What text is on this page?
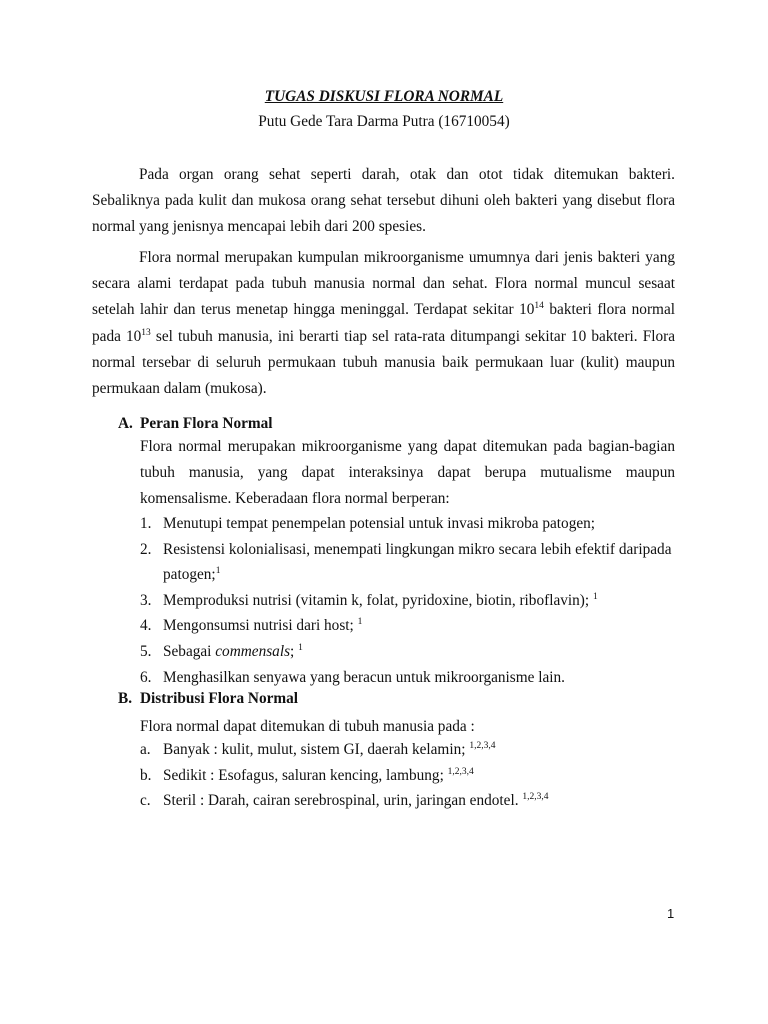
TUGAS DISKUSI FLORA NORMAL
Putu Gede Tara Darma Putra (16710054)

Pada organ orang sehat seperti darah, otak dan otot tidak ditemukan bakteri. Sebaliknya pada kulit dan mukosa orang sehat tersebut dihuni oleh bakteri yang disebut flora normal yang jenisnya mencapai lebih dari 200 spesies.

Flora normal merupakan kumpulan mikroorganisme umumnya dari jenis bakteri yang secara alami terdapat pada tubuh manusia normal dan sehat. Flora normal muncul sesaat setelah lahir dan terus menetap hingga meninggal. Terdapat sekitar $10^{14}$ bakteri flora normal pada $10^{13}$ sel tubuh manusia, ini berarti tiap sel rata-rata ditumpangi sekitar 10 bakteri. Flora normal tersebar di seluruh permukaan tubuh manusia baik permukaan luar (kulit) maupun permukaan dalam (mukosa).

A. Peran Flora Normal

Flora normal merupakan mikroorganisme yang dapat ditemukan pada bagian-bagian tubuh manusia, yang dapat interaksinya dapat berupa mutualisme maupun komensalisme. Keberadaan flora normal berperan:

1. Menutupi tempat penempelan potensial untuk invasi mikroba patogen;
2. Resistensi kolonialisasi, menempati lingkungan mikro secara lebih efektif daripada patogen;$^1$
3. Memproduksi nutrisi (vitamin k, folat, pyridoxine, biotin, riboflavin); $^1$
4. Mengonsumsi nutrisi dari host; $^1$
5. Sebagai commensals; $^1$
6. Menghasilkan senyawa yang beracun untuk mikroorganisme lain.
B. Distribusi Flora Normal

Flora normal dapat ditemukan di tubuh manusia pada :

a. Banyak : kulit, mulut, sistem GI, daerah kelamin; $^{1,2,3,4}$
b. Sedikit : Esofagus, saluran kencing, lambung; $^{1,2,3,4}$
c. Steril : Darah, cairan serebrospinal, urin, jaringan endotel. $^{1,2,3,4}$
1
